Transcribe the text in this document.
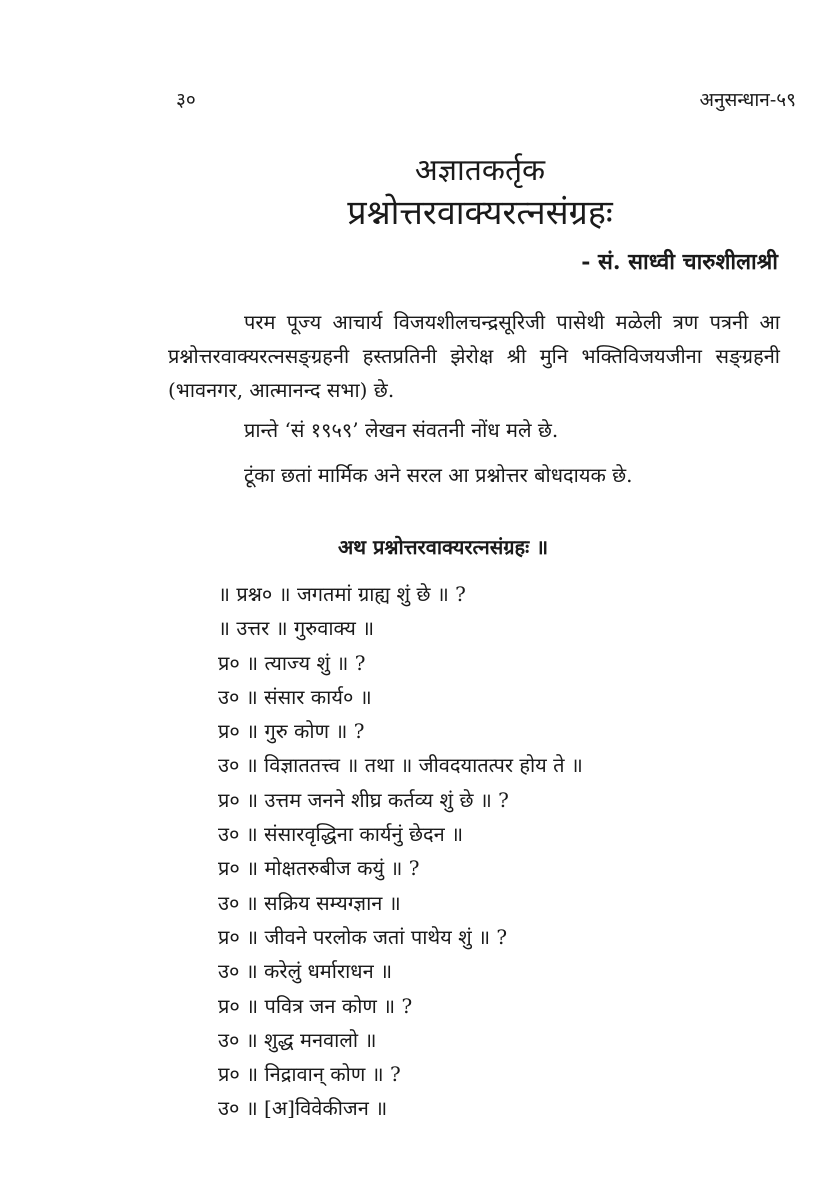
३०	अनुसन्धान-५९
अज्ञातकर्तृक
प्रश्नोत्तरवाक्यरत्नसंग्रहः
- सं. साध्वी चारुशीलाश्री
परम पूज्य आचार्य विजयशीलचन्द्रसूरिजी पासेथी मळेली त्रण पत्रनी आ प्रश्नोत्तरवाक्यरत्नसङ्ग्रहनी हस्तप्रतिनी झेरोक्ष श्री मुनि भक्तिविजयजीना सङ्ग्रहनी (भावनगर, आत्मानन्द सभा) छे.
प्रान्ते ‘सं १९५९’ लेखन संवतनी नोंध मले छे.
टूंका छतां मार्मिक अने सरल आ प्रश्नोत्तर बोधदायक छे.
अथ प्रश्नोत्तरवाक्यरत्नसंग्रहः ॥
॥ प्रश्न० ॥ जगतमां ग्राह्य शुं छे ॥ ?
॥ उत्तर ॥ गुरुवाक्य ॥
प्र० ॥ त्याज्य शुं ॥ ?
उ० ॥ संसार कार्य० ॥
प्र० ॥ गुरु कोण ॥ ?
उ० ॥ विज्ञाततत्त्व ॥ तथा ॥ जीवदयातत्पर होय ते ॥
प्र० ॥ उत्तम जनने शीघ्र कर्तव्य शुं छे ॥ ?
उ० ॥ संसारवृद्धिना कार्यनुं छेदन ॥
प्र० ॥ मोक्षतरुबीज कयुं ॥ ?
उ० ॥ सक्रिय सम्यग्ज्ञान ॥
प्र० ॥ जीवने परलोक जतां पाथेय शुं ॥ ?
उ० ॥ करेलुं धर्माराधन ॥
प्र० ॥ पवित्र जन कोण ॥ ?
उ० ॥ शुद्ध मनवालो ॥
प्र० ॥ निद्रावान् कोण ॥ ?
उ० ॥ [अ]विवेकीजन ॥
